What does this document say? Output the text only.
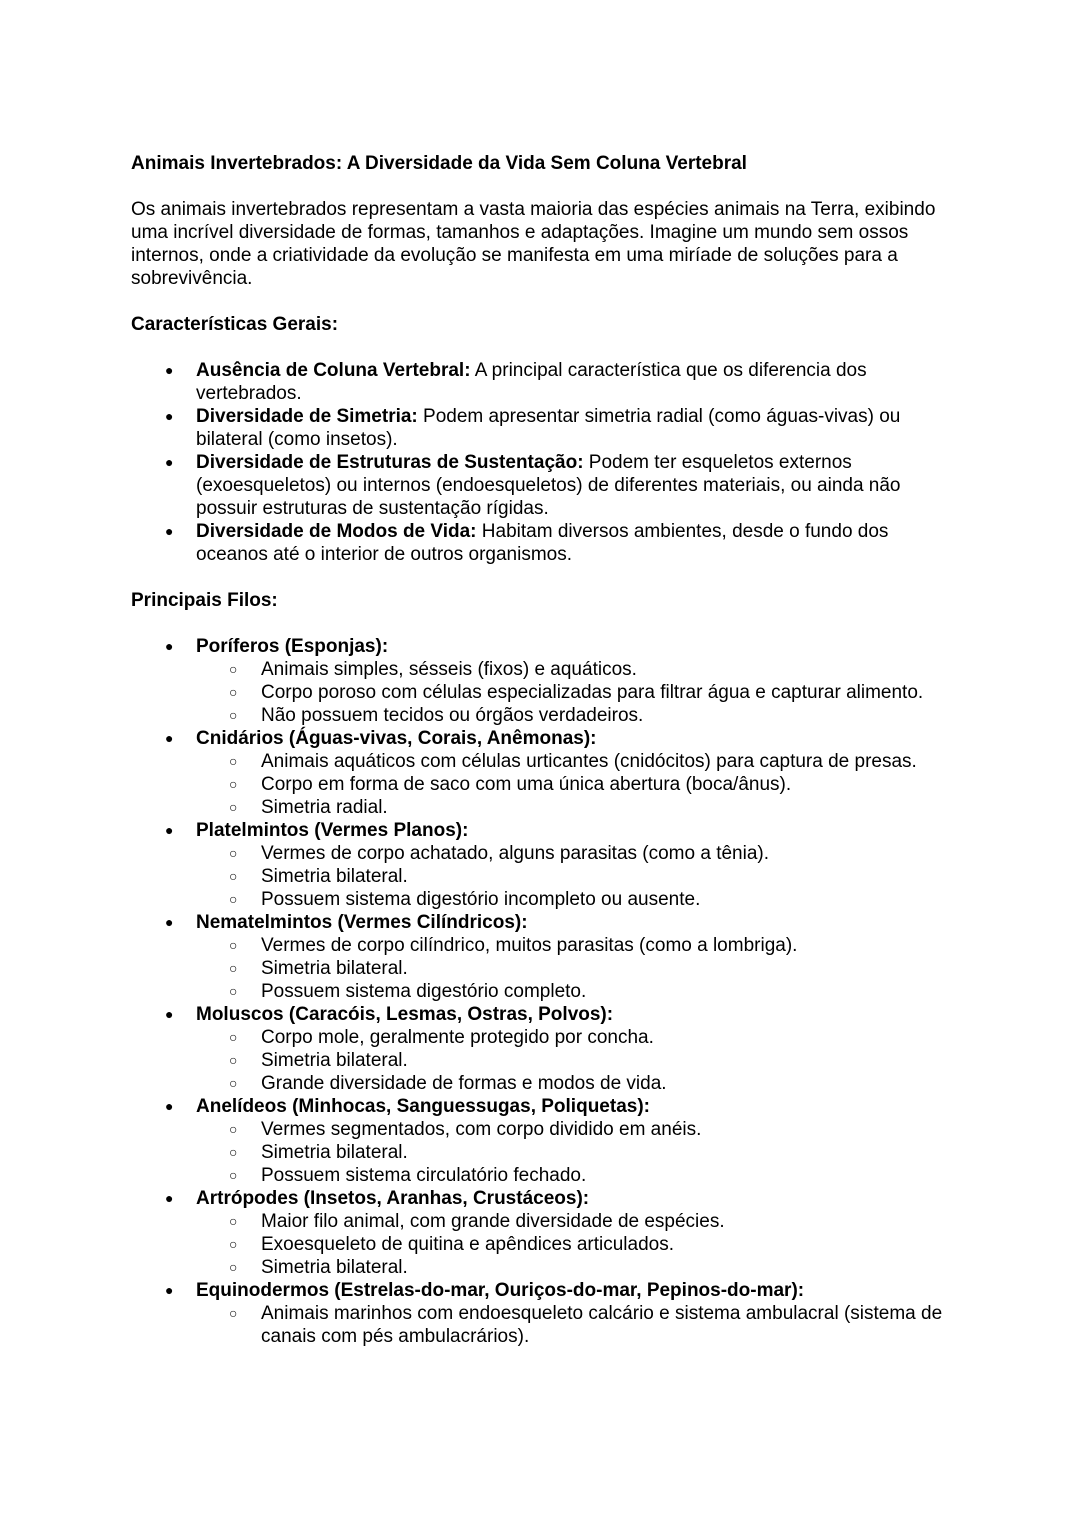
Animais Invertebrados: A Diversidade da Vida Sem Coluna Vertebral

Os animais invertebrados representam a vasta maioria das espécies animais na Terra, exibindo uma incrível diversidade de formas, tamanhos e adaptações. Imagine um mundo sem ossos internos, onde a criatividade da evolução se manifesta em uma miríade de soluções para a sobrevivência.

Características Gerais:

● Ausência de Coluna Vertebral: A principal característica que os diferencia dos vertebrados.
● Diversidade de Simetria: Podem apresentar simetria radial (como águas-vivas) ou bilateral (como insetos).
● Diversidade de Estruturas de Sustentação: Podem ter esqueletos externos (exoesqueletos) ou internos (endoesqueletos) de diferentes materiais, ou ainda não possuir estruturas de sustentação rígidas.
● Diversidade de Modos de Vida: Habitam diversos ambientes, desde o fundo dos oceanos até o interior de outros organismos.

Principais Filos:

● Poríferos (Esponjas):
○ Animais simples, sésseis (fixos) e aquáticos.
○ Corpo poroso com células especializadas para filtrar água e capturar alimento.
○ Não possuem tecidos ou órgãos verdadeiros.
● Cnidários (Águas-vivas, Corais, Anêmonas):
○ Animais aquáticos com células urticantes (cnidócitos) para captura de presas.
○ Corpo em forma de saco com uma única abertura (boca/ânus).
○ Simetria radial.
● Platelmintos (Vermes Planos):
○ Vermes de corpo achatado, alguns parasitas (como a tênia).
○ Simetria bilateral.
○ Possuem sistema digestório incompleto ou ausente.
● Nematelmintos (Vermes Cilíndricos):
○ Vermes de corpo cilíndrico, muitos parasitas (como a lombriga).
○ Simetria bilateral.
○ Possuem sistema digestório completo.
● Moluscos (Caracóis, Lesmas, Ostras, Polvos):
○ Corpo mole, geralmente protegido por concha.
○ Simetria bilateral.
○ Grande diversidade de formas e modos de vida.
● Anelídeos (Minhocas, Sanguessugas, Poliquetas):
○ Vermes segmentados, com corpo dividido em anéis.
○ Simetria bilateral.
○ Possuem sistema circulatório fechado.
● Artrópodes (Insetos, Aranhas, Crustáceos):
○ Maior filo animal, com grande diversidade de espécies.
○ Exoesqueleto de quitina e apêndices articulados.
○ Simetria bilateral.
● Equinodermos (Estrelas-do-mar, Ouriços-do-mar, Pepinos-do-mar):
○ Animais marinhos com endoesqueleto calcário e sistema ambulacral (sistema de canais com pés ambulacrários).
